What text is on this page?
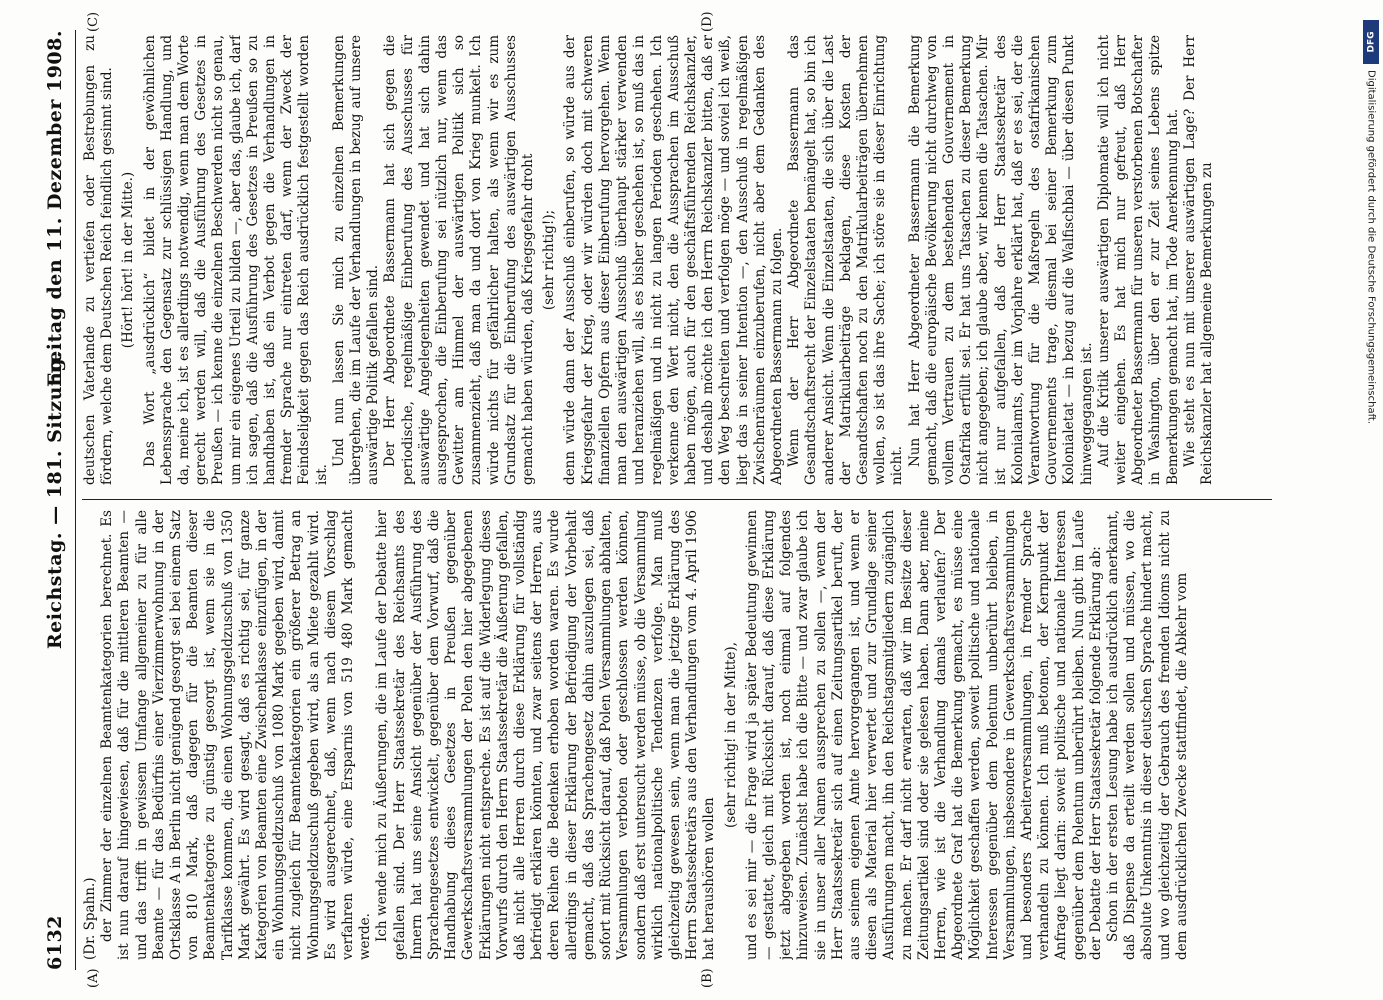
6132
Reichstag. — 181. Sitzung.
Freitag den 11. Dezember 1908.

(Dr. Spahn.) der Zimmer der einzelnen Beamtenkategorien berechnet. Es ist nun darauf hingewiesen, daß für die mittleren Beamten — und das trifft in gewissem Umfange allgemeiner zu für alle Beamte — für das Bedürfnis einer Vierzimmerwohnung in der Ortsklasse A in Berlin nicht genügend gesorgt sei bei einem Satz von 810 Mark, daß dagegen für die Beamten dieser Beamtenkategorie zu günstig gesorgt ist, wenn sie in die Tarifklasse kommen, die einen Wohnungsgeldzuschuß von 1350 Mark gewährt. Es wird gesagt, daß es richtig sei, für ganze Kategorien von Beamten eine Zwischenklasse einzufügen, in der ein Wohnungsgeldzuschuß von 1080 Mark gegeben wird, damit nicht zugleich für Beamtenkategorien ein größerer Betrag an Wohnungsgeldzuschuß gegeben wird, als an Miete gezahlt wird. Es wird ausgerechnet, daß, wenn nach diesem Vorschlag verfahren würde, eine Ersparnis von 519 480 Mark gemacht werde. Ich wende mich zu Äußerungen, die im Laufe der Debatte hier gefallen sind. Der Herr Staatssekretär des Reichsamts des Innern hat uns seine Ansicht gegenüber der Ausführung des Sprachengesetzes entwickelt, gegenüber dem Vorwurf, daß die Handhabung dieses Gesetzes in Preußen gegenüber Gewerkschaftsversammlungen der Polen den hier abgegebenen Erklärungen nicht entspreche. Es ist auf die Widerlegung dieses Vorwurfs durch den Herrn Staatssekretär die Äußerung gefallen, daß nicht alle Herren durch diese Erklärung für vollständig befriedigt erklären könnten, und zwar seitens der Herren, aus deren Reihen die Bedenken erhoben worden waren. Es wurde allerdings in dieser Erklärung der Befriedigung der Vorbehalt gemacht, daß das Sprachengesetz dahin auszulegen sei, daß sofort mit Rücksicht darauf, daß Polen Versammlungen abhalten, Versammlungen verboten oder geschlossen werden können, sondern daß erst untersucht werden müsse, ob die Versammlung wirklich nationalpolitische Tendenzen verfolge. Man muß gleichzeitig gewesen sein, wenn man die jetzige Erklärung des Herrn Staatssekretärs aus den Verhandlungen vom 4. April 1906 hat heraushören wollen

(sehr richtig! in der Mitte), und es sei mir — die Frage wird ja später Bedeutung gewinnen — gestattet, gleich mit Rücksicht darauf, daß diese Erklärung jetzt abgegeben worden ist, noch einmal auf folgendes hinzuweisen. Zunächst habe ich die Bitte — und zwar glaube ich sie in unser aller Namen aussprechen zu sollen —, wenn der Herr Staatssekretär sich auf einen Zeitungsartikel beruft, der aus seinem eigenen Amte hervorgegangen ist, und wenn er diesen als Material hier verwertet und zur Grundlage seiner Ausführungen macht, ihn den Reichstagsmitgliedern zugänglich zu machen. Er darf nicht erwarten, daß wir im Besitze dieser Zeitungsartikel sind oder sie gelesen haben. Dann aber, meine Herren, wie ist die Verhandlung damals verlaufen? Der Abgeordnete Graf hat die Bemerkung gemacht, es müsse eine Möglichkeit geschaffen werden, soweit politische und nationale Interessen gegenüber dem Polentum unberührt bleiben, in Versammlungen, insbesondere in Gewerkschaftsversammlungen und besonders Arbeiterversammlungen, in fremder Sprache verhandeln zu können. Ich muß betonen, der Kernpunkt der Anfrage liegt darin: soweit politische und nationale Interessen gegenüber dem Polentum unberührt bleiben. Nun gibt im Laufe der Debatte der Herr Staatssekretär folgende Erklärung ab: Schon in der ersten Lesung habe ich ausdrücklich anerkannt, daß Dispense da erteilt werden sollen und müssen, wo die absolute Unkenntnis in dieser deutschen Sprache hindert macht, und wo gleichzeitig der Gebrauch des fremden Idioms nicht zu dem ausdrücklichen Zwecke stattfindet, die Abkehr vom

deutschen Vaterlande zu vertiefen oder Bestrebungen zu fördern, welche dem Deutschen Reich feindlich gesinnt sind. (Hört! hört! in der Mitte.) Das Wort „ausdrücklich“ bildet in der gewöhnlichen Lebenssprache den Gegensatz zur schlüssigen Handlung, und da, meine ich, ist es allerdings notwendig, wenn man dem Worte gerecht werden will, daß die Ausführung des Gesetzes in Preußen — ich kenne die einzelnen Beschwerden nicht so genau, um mir ein eigenes Urteil zu bilden —, aber das, glaube ich, darf ich sagen, daß die Ausführung des Gesetzes in Preußen so zu handhaben ist, daß ein Verbot gegen die Verhandlungen in fremder Sprache nur eintreten darf, wenn der Zweck der Feindseligkeit gegen das Reich ausdrücklich festgestellt worden ist.

Und nun lassen Sie mich zu einzelnen Bemerkungen übergehen, die im Laufe der Verhandlungen in bezug auf unsere auswärtige Politik gefallen sind. Der Herr Abgeordnete Bassermann hat sich gegen die periodische, regelmäßige Einberufung des Ausschusses für auswärtige Angelegenheiten gewendet und hat sich dahin ausgesprochen, die Einberufung sei nützlich nur, wenn das Gewitter am Himmel der auswärtigen Politik sich so zusammenzieht, daß man da und dort von Krieg munkelt. Ich würde nichts für gefährlicher halten, als wenn wir es zum Grundsatz für die Einberufung des auswärtigen Ausschusses gemacht haben würden, daß Kriegsgefahr droht (sehr richtig!); denn würde dann der Ausschuß einberufen, so würde aus der Kriegsgefahr der Krieg, oder wir würden doch mit schweren finanziellen Opfern aus dieser Einberufung hervorgehen. Wenn man den auswärtigen Ausschuß überhaupt stärker verwenden und heranziehen will, als es bisher geschehen ist, so muß das in regelmäßigen und in nicht zu langen Perioden geschehen. Ich verkenne den Wert nicht, den die Aussprachen im Ausschuß haben mögen, auch für den geschäftsführenden Reichskanzler, und deshalb möchte ich den Herrn Reichskanzler bitten, daß er den Weg beschreiten und verfolgen möge — und soviel ich weiß, liegt das in seiner Intention —, den Ausschuß in regelmäßigen Zwischenräumen einzuberufen, nicht aber dem Gedanken des Abgeordneten Bassermann zu folgen. Wenn der Herr Abgeordnete Bassermann das Gesandtschaftsrecht der Einzelstaaten bemängelt hat, so bin ich anderer Ansicht. Wenn die Einzelstaaten, die sich über die Last der Matrikularbeiträge beklagen, diese Kosten der Gesandtschaften noch zu den Matrikularbeiträgen übernehmen wollen, so ist das ihre Sache; ich störe sie in dieser Einrichtung nicht. Nun hat Herr Abgeordneter Bassermann die Bemerkung gemacht, daß die europäische Bevölkerung nicht durchweg von vollem Vertrauen zu dem bestehenden Gouvernement in Ostafrika erfüllt sei. Er hat uns Tatsachen zu dieser Bemerkung nicht angegeben; ich glaube aber, wir kennen die Tatsachen. Mir ist nur aufgefallen, daß der Herr Staatssekretär des Kolonialamts, der im Vorjahre erklärt hat, daß er es sei, der die Verantwortung für die Maßregeln des ostafrikanischen Gouvernements trage, diesmal bei seiner Bemerkung zum Kolonialetat — in bezug auf die Walfischbai — über diesen Punkt hinweggegangen ist. Auf die Kritik unserer auswärtigen Diplomatie will ich nicht weiter eingehen. Es hat mich nur gefreut, daß Herr Abgeordneter Bassermann für unseren verstorbenen Botschafter in Washington, über den er zur Zeit seines Lebens spitze Bemerkungen gemacht hat, im Tode Anerkennung hat. Wie steht es nun mit unserer auswärtigen Lage? Der Herr Reichskanzler hat allgemeine Bemerkungen zu

(A)	(B)
(C)	(D)
DFG
Digitalisierung gefördert durch die Deutsche Forschungsgemeinschaft.
